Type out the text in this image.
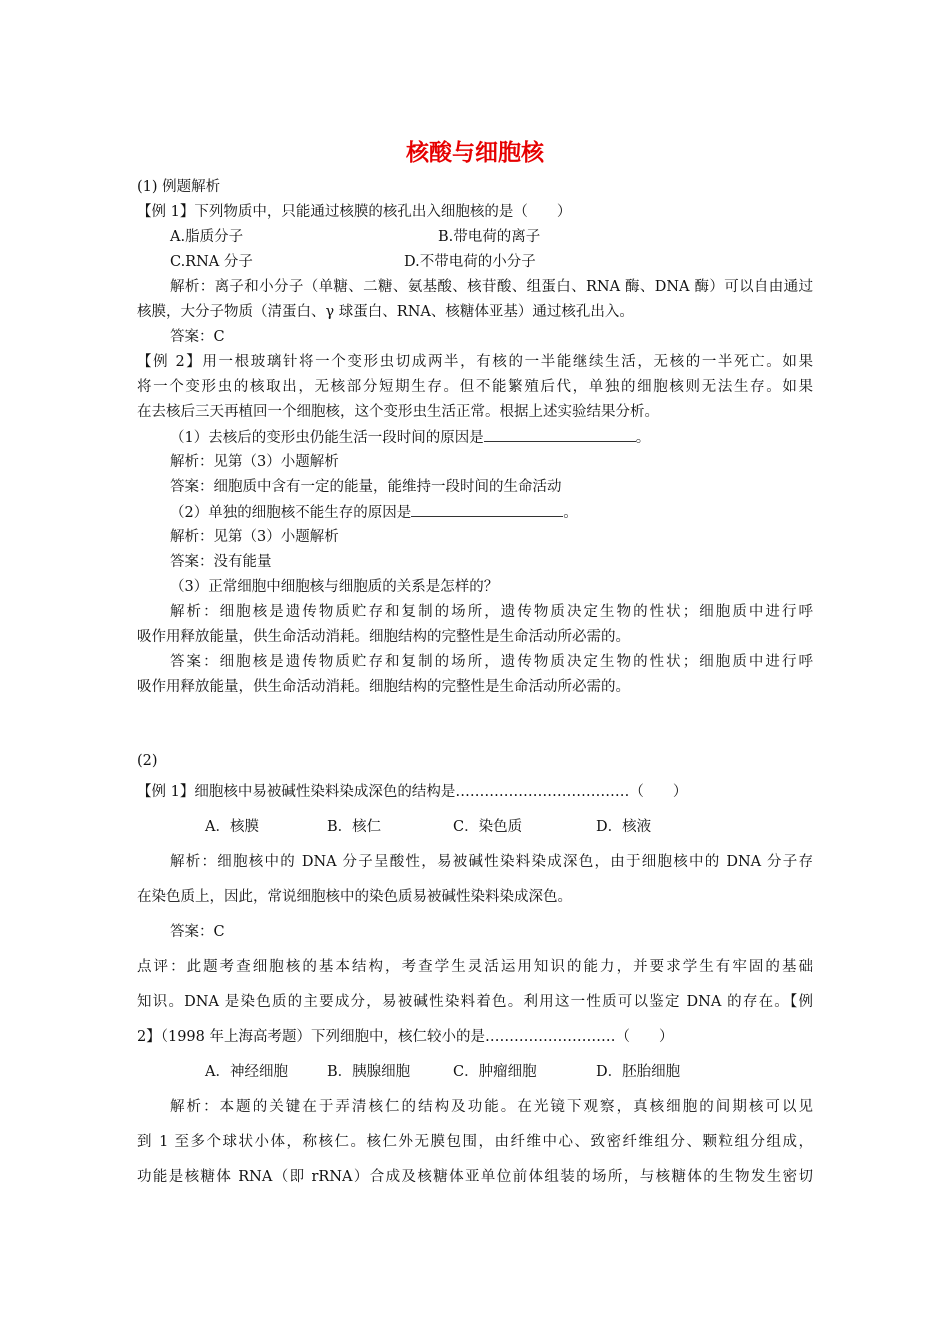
核酸与细胞核
(1) 例题解析
【例 1】下列物质中，只能通过核膜的核孔出入细胞核的是（　　）
A.脂质分子	B.带电荷的离子
C.RNA 分子	D.不带电荷的小分子
解析：离子和小分子（单糖、二糖、氨基酸、核苷酸、组蛋白、RNA 酶、DNA 酶）可以自由通过
核膜，大分子物质（清蛋白、γ 球蛋白、RNA、核糖体亚基）通过核孔出入。
答案：C
【例 2】用一根玻璃针将一个变形虫切成两半，有核的一半能继续生活，无核的一半死亡。如果
将一个变形虫的核取出，无核部分短期生存。但不能繁殖后代，单独的细胞核则无法生存。如果
在去核后三天再植回一个细胞核，这个变形虫生活正常。根据上述实验结果分析。
（1）去核后的变形虫仍能生活一段时间的原因是	。
解析：见第（3）小题解析
答案：细胞质中含有一定的能量，能维持一段时间的生命活动
（2）单独的细胞核不能生存的原因是	。
解析：见第（3）小题解析
答案：没有能量
（3）正常细胞中细胞核与细胞质的关系是怎样的？
解析：细胞核是遗传物质贮存和复制的场所，遗传物质决定生物的性状；细胞质中进行呼
吸作用释放能量，供生命活动消耗。细胞结构的完整性是生命活动所必需的。
答案：细胞核是遗传物质贮存和复制的场所，遗传物质决定生物的性状；细胞质中进行呼
吸作用释放能量，供生命活动消耗。细胞结构的完整性是生命活动所必需的。
(2)
【例 1】细胞核中易被碱性染料染成深色的结构是………………………………（　　）
A．核膜	B．核仁	C．染色质	D．核液
解析：细胞核中的 DNA 分子呈酸性，易被碱性染料染成深色，由于细胞核中的 DNA 分子存
在染色质上，因此，常说细胞核中的染色质易被碱性染料染成深色。
答案：C
点评：此题考查细胞核的基本结构，考查学生灵活运用知识的能力，并要求学生有牢固的基础
知识。DNA 是染色质的主要成分，易被碱性染料着色。利用这一性质可以鉴定 DNA 的存在。【例
2】（1998 年上海高考题）下列细胞中，核仁较小的是………………………（　　）
A．神经细胞	B．胰腺细胞	C．肿瘤细胞	D．胚胎细胞
解析：本题的关键在于弄清核仁的结构及功能。在光镜下观察，真核细胞的间期核可以见
到 1 至多个球状小体，称核仁。核仁外无膜包围，由纤维中心、致密纤维组分、颗粒组分组成，
功能是核糖体 RNA（即 rRNA）合成及核糖体亚单位前体组装的场所，与核糖体的生物发生密切
